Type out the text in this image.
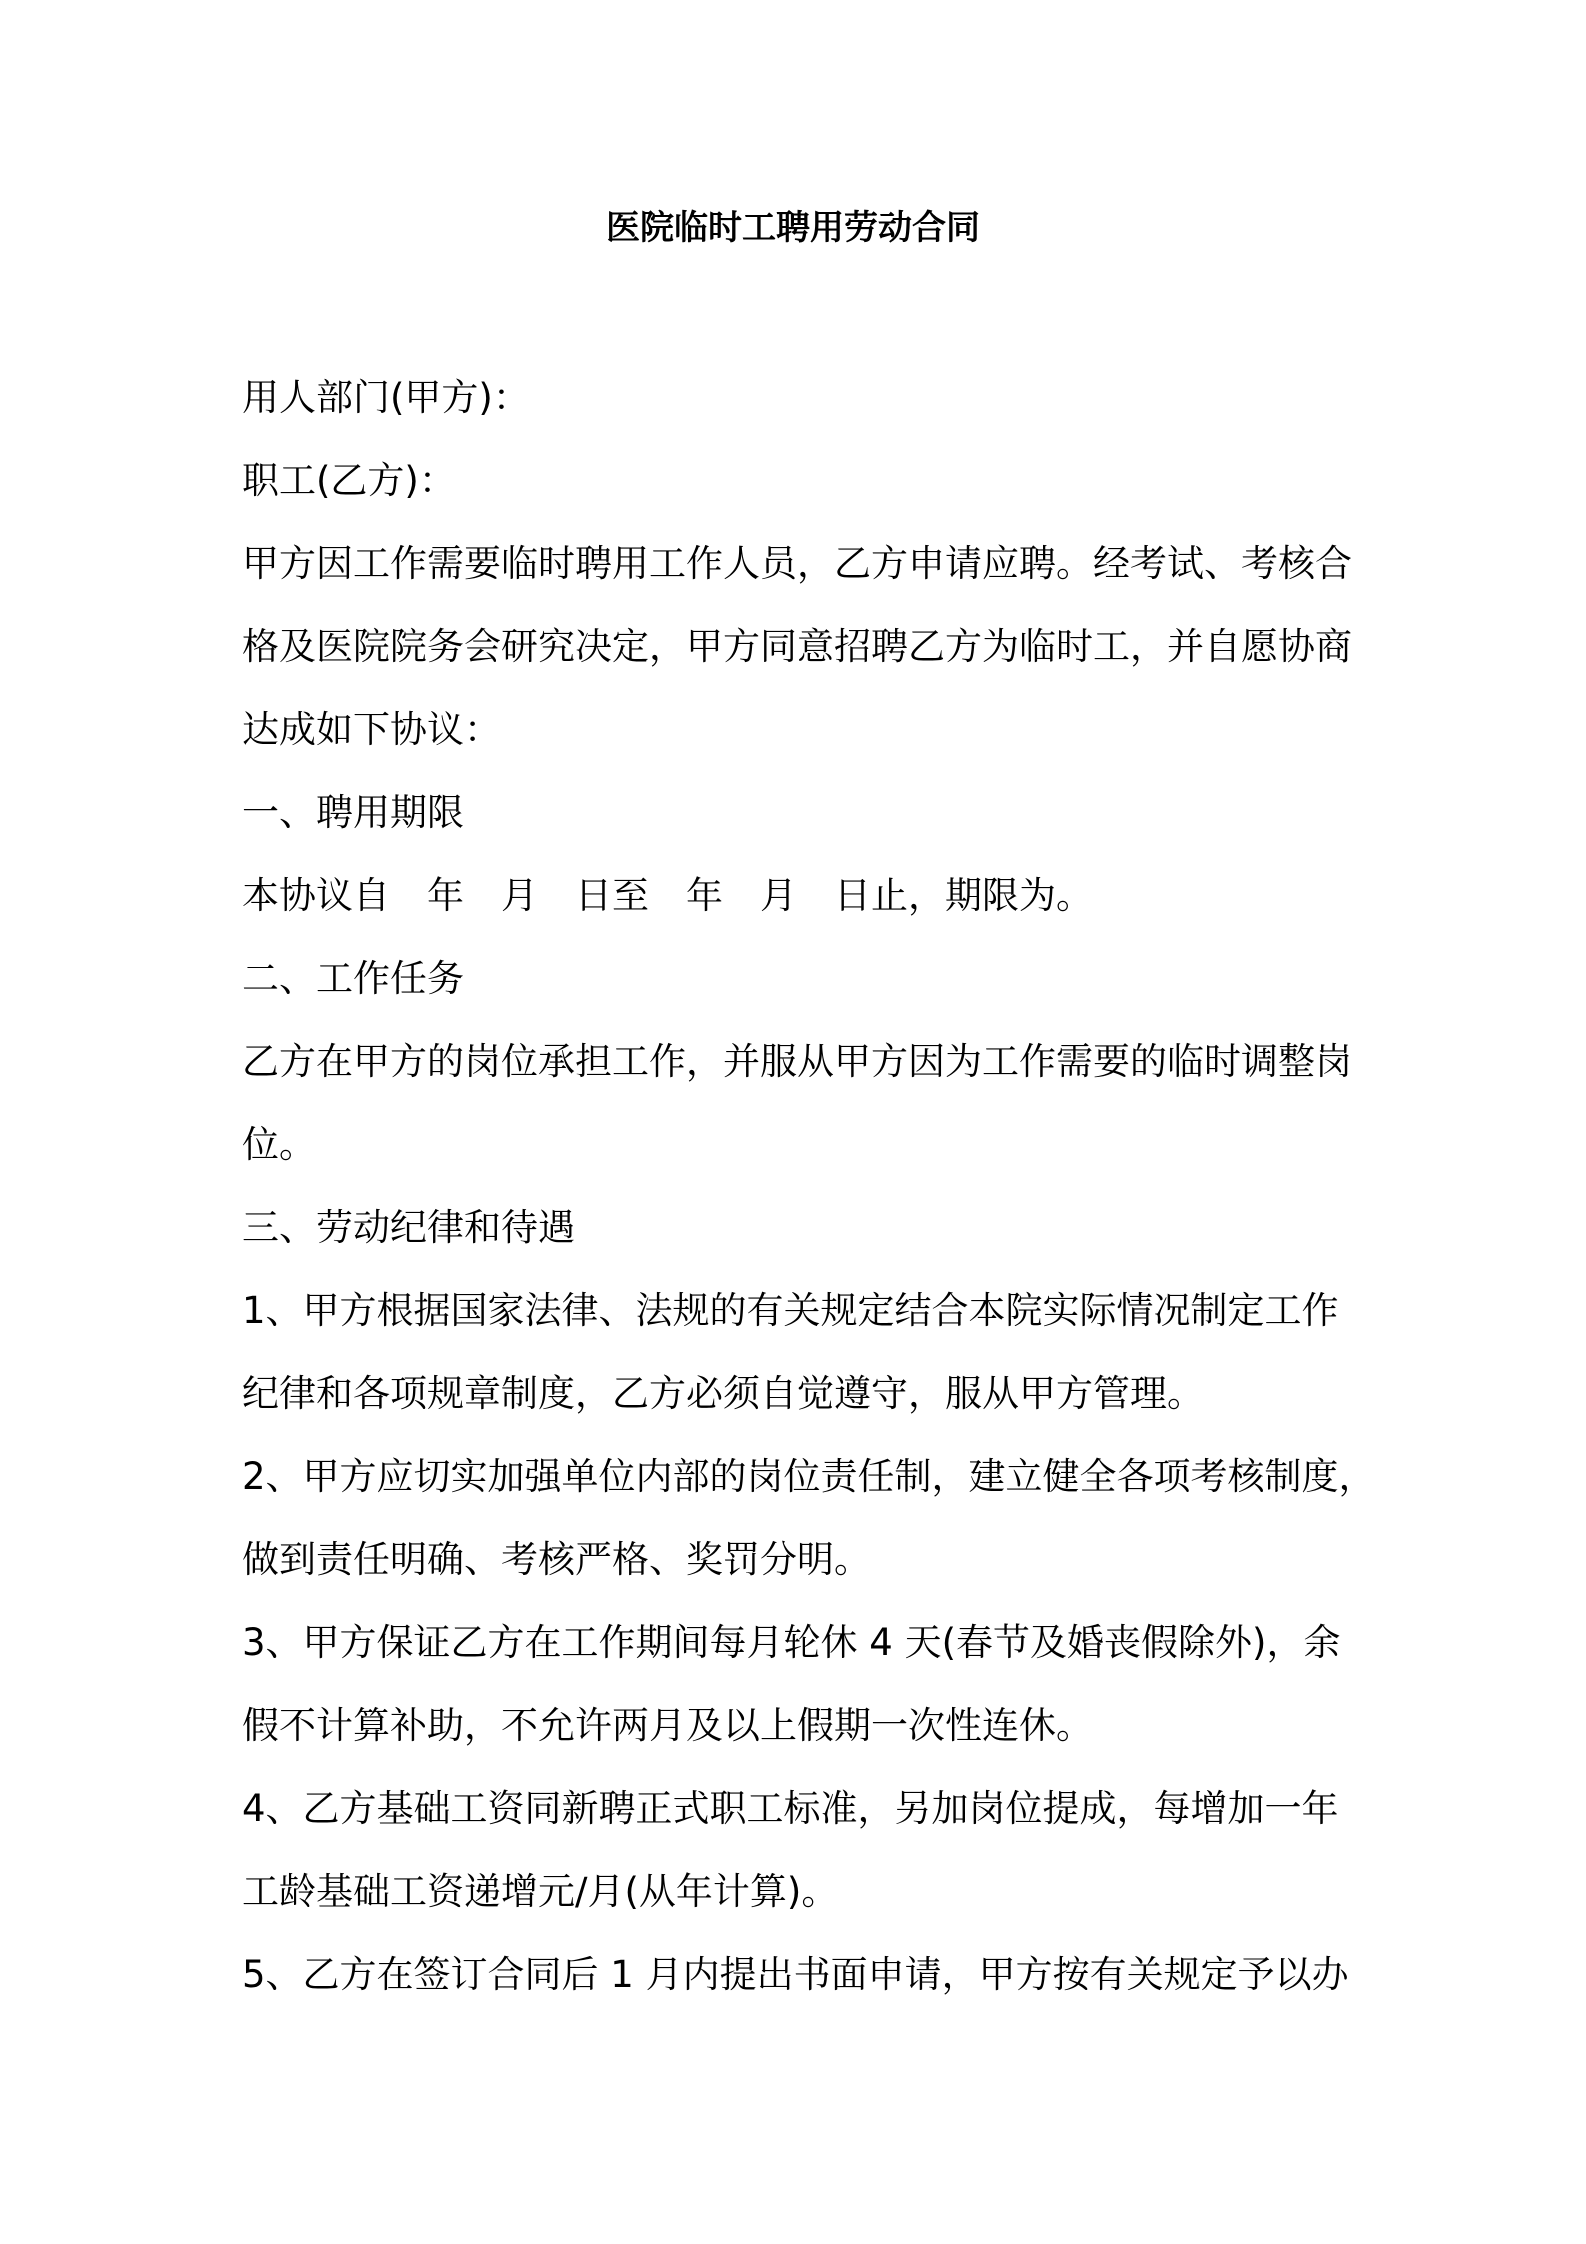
医院临时工聘用劳动合同
用人部门(甲方)：
职工(乙方)：
甲方因工作需要临时聘用工作人员，乙方申请应聘。经考试、考核合
格及医院院务会研究决定，甲方同意招聘乙方为临时工，并自愿协商
达成如下协议：
一、聘用期限
本协议自　年　月　日至　年　月　日止，期限为。
二、工作任务
乙方在甲方的岗位承担工作，并服从甲方因为工作需要的临时调整岗
位。
三、劳动纪律和待遇
1、甲方根据国家法律、法规的有关规定结合本院实际情况制定工作
纪律和各项规章制度，乙方必须自觉遵守，服从甲方管理。
2、甲方应切实加强单位内部的岗位责任制，建立健全各项考核制度，
做到责任明确、考核严格、奖罚分明。
3、甲方保证乙方在工作期间每月轮休 4 天(春节及婚丧假除外)，余
假不计算补助，不允许两月及以上假期一次性连休。
4、乙方基础工资同新聘正式职工标准，另加岗位提成，每增加一年
工龄基础工资递增元/月(从年计算)。
5、乙方在签订合同后 1 月内提出书面申请，甲方按有关规定予以办
